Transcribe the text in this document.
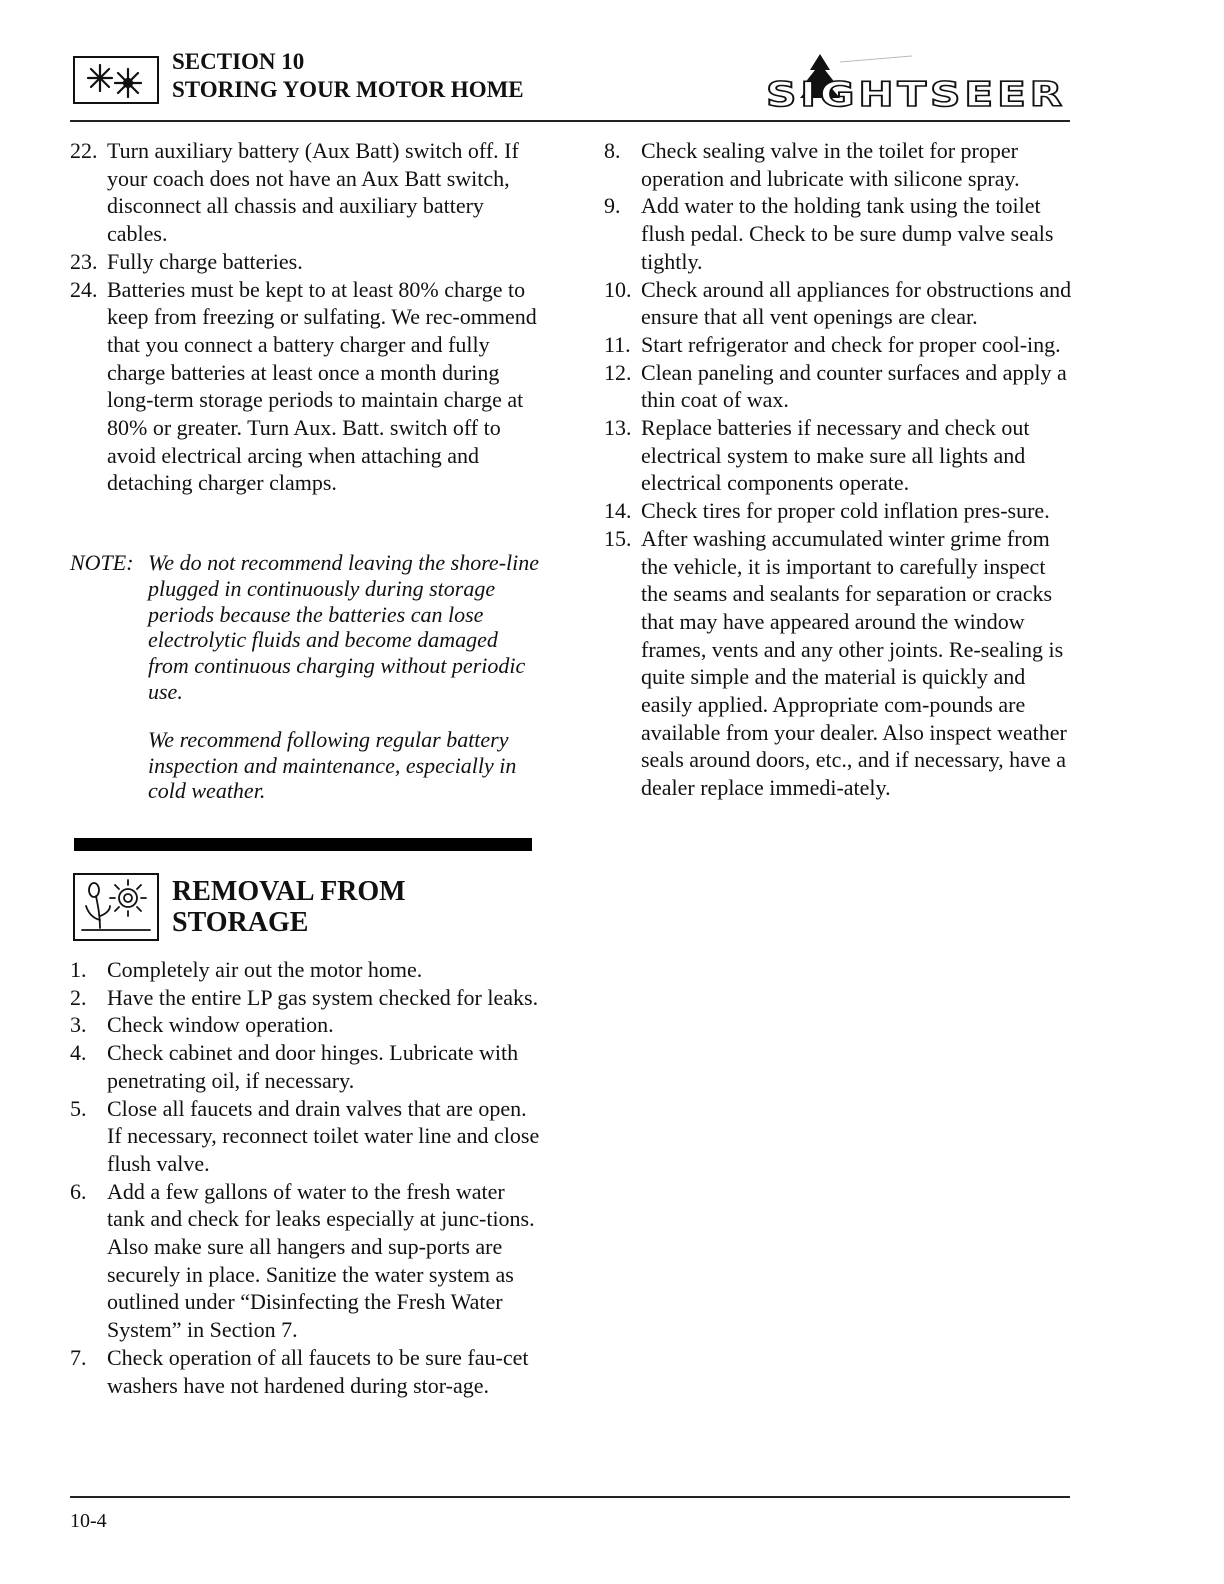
SECTION 10
STORING YOUR MOTOR HOME	SIGHTSEER
22. Turn auxiliary battery (Aux Batt) switch off. If your coach does not have an Aux Batt switch, disconnect all chassis and auxiliary battery cables.
23. Fully charge batteries.
24. Batteries must be kept to at least 80% charge to keep from freezing or sulfating. We rec-ommend that you connect a battery charger and fully charge batteries at least once a month during long-term storage periods to maintain charge at 80% or greater. Turn Aux. Batt. switch off to avoid electrical arcing when attaching and detaching charger clamps.
NOTE: We do not recommend leaving the shore-line plugged in continuously during storage periods because the batteries can lose electrolytic fluids and become damaged from continuous charging without periodic use.
We recommend following regular battery inspection and maintenance, especially in cold weather.
REMOVAL FROM STORAGE
1. Completely air out the motor home.
2. Have the entire LP gas system checked for leaks.
3. Check window operation.
4. Check cabinet and door hinges. Lubricate with penetrating oil, if necessary.
5. Close all faucets and drain valves that are open. If necessary, reconnect toilet water line and close flush valve.
6. Add a few gallons of water to the fresh water tank and check for leaks especially at junc-tions. Also make sure all hangers and sup-ports are securely in place. Sanitize the water system as outlined under “Disinfecting the Fresh Water System” in Section 7.
7. Check operation of all faucets to be sure fau-cet washers have not hardened during stor-age.
8. Check sealing valve in the toilet for proper operation and lubricate with silicone spray.
9. Add water to the holding tank using the toilet flush pedal. Check to be sure dump valve seals tightly.
10. Check around all appliances for obstructions and ensure that all vent openings are clear.
11. Start refrigerator and check for proper cool-ing.
12. Clean paneling and counter surfaces and apply a thin coat of wax.
13. Replace batteries if necessary and check out electrical system to make sure all lights and electrical components operate.
14. Check tires for proper cold inflation pres-sure.
15. After washing accumulated winter grime from the vehicle, it is important to carefully inspect the seams and sealants for separation or cracks that may have appeared around the window frames, vents and any other joints. Re-sealing is quite simple and the material is quickly and easily applied. Appropriate com-pounds are available from your dealer. Also inspect weather seals around doors, etc., and if necessary, have a dealer replace immedi-ately.
10-4
